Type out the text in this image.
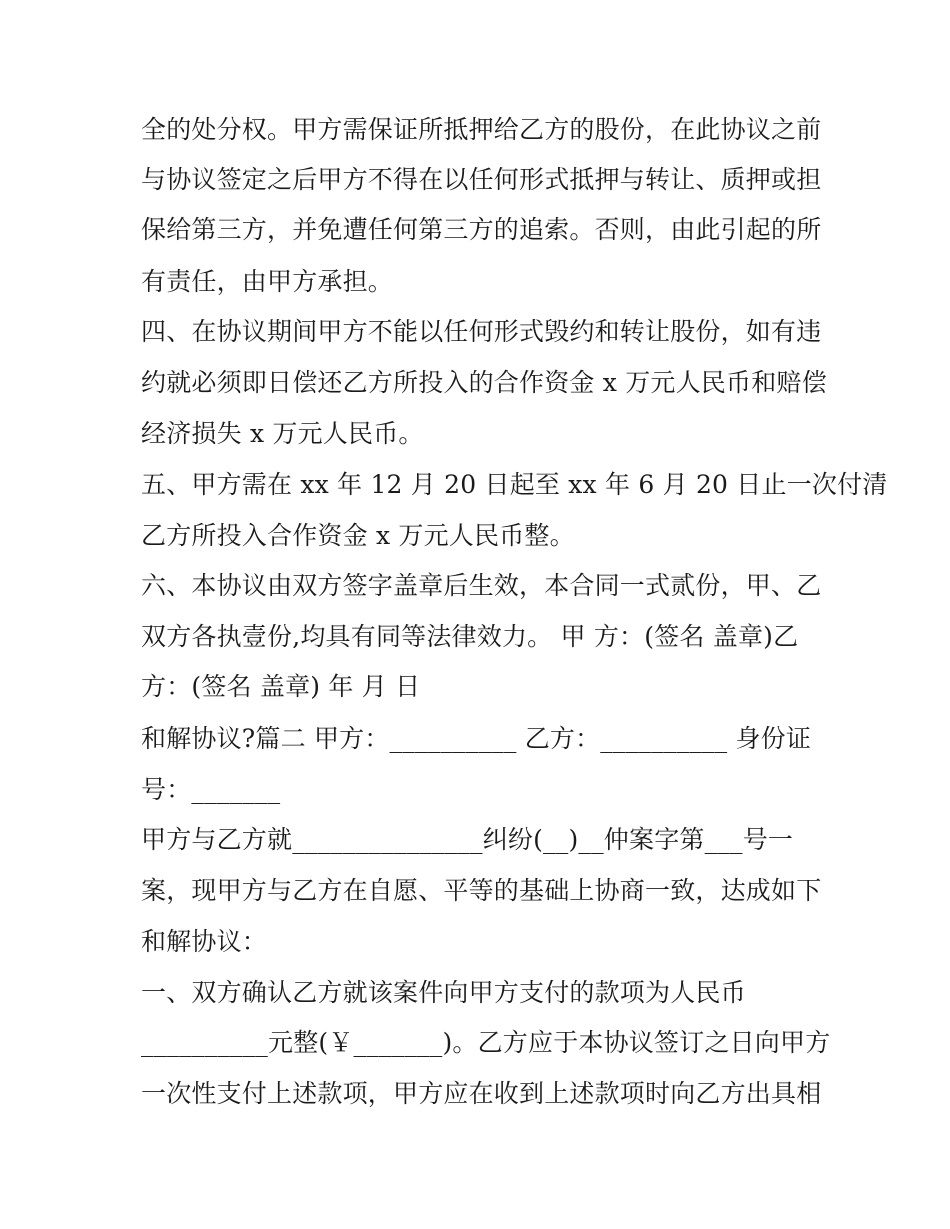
全的处分权。甲方需保证所抵押给乙方的股份，在此协议之前
与协议签定之后甲方不得在以任何形式抵押与转让、质押或担
保给第三方，并免遭任何第三方的追索。否则，由此引起的所
有责任，由甲方承担。
四、在协议期间甲方不能以任何形式毁约和转让股份，如有违
约就必须即日偿还乙方所投入的合作资金 x 万元人民币和赔偿
经济损失 x 万元人民币。
五、甲方需在 xx 年 12 月 20 日起至 xx 年 6 月 20 日止一次付清
乙方所投入合作资金 x 万元人民币整。
六、本协议由双方签字盖章后生效，本合同一式贰份，甲、乙
双方各执壹份,均具有同等法律效力。 甲 方：(签名 盖章)乙
方：(签名 盖章) 年 月 日
和解协议?篇二 甲方：__________ 乙方：__________ 身份证
号：_______
甲方与乙方就_______________纠纷(__)__仲案字第___号一
案，现甲方与乙方在自愿、平等的基础上协商一致，达成如下
和解协议：
一、双方确认乙方就该案件向甲方支付的款项为人民币
__________元整(￥_______)。乙方应于本协议签订之日向甲方
一次性支付上述款项，甲方应在收到上述款项时向乙方出具相
